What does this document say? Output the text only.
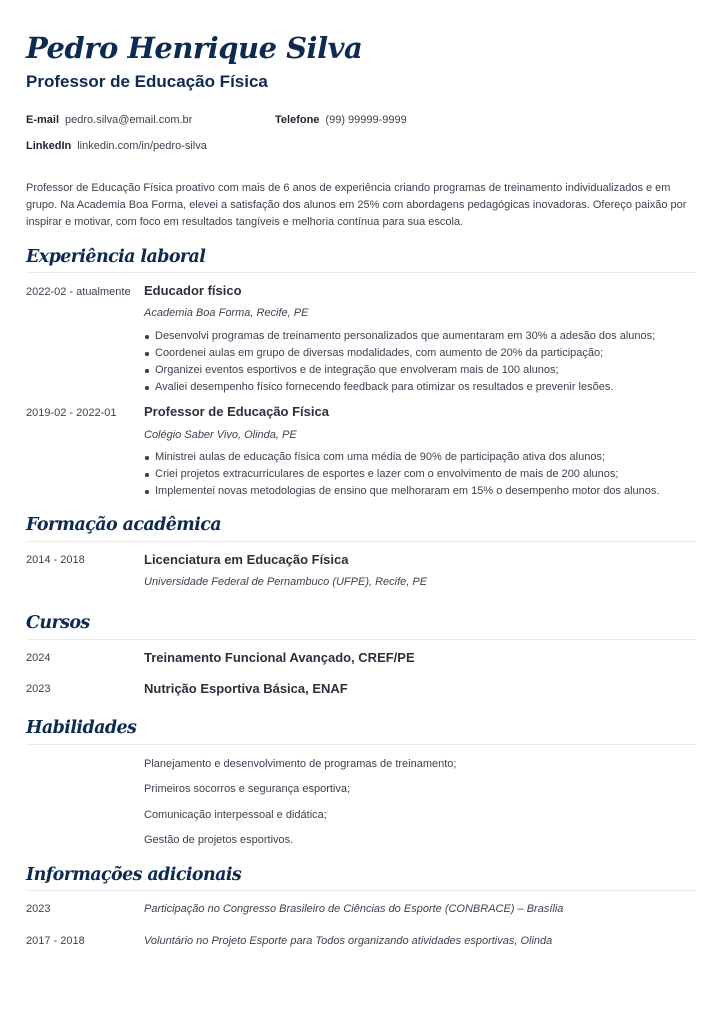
Pedro Henrique Silva
Professor de Educação Física
E-mail pedro.silva@email.com.br	Telefone (99) 99999-9999
LinkedIn linkedin.com/in/pedro-silva
Professor de Educação Física proativo com mais de 6 anos de experiência criando programas de treinamento individualizados e em grupo. Na Academia Boa Forma, elevei a satisfação dos alunos em 25% com abordagens pedagógicas inovadoras. Ofereço paixão por inspirar e motivar, com foco em resultados tangíveis e melhoria contínua para sua escola.
Experiência laboral
2022-02 - atualmente Educador físico
Academia Boa Forma, Recife, PE
Desenvolvi programas de treinamento personalizados que aumentaram em 30% a adesão dos alunos;
Coordenei aulas em grupo de diversas modalidades, com aumento de 20% da participação;
Organizei eventos esportivos e de integração que envolveram mais de 100 alunos;
Avaliei desempenho físico fornecendo feedback para otimizar os resultados e prevenir lesões.
2019-02 - 2022-01 Professor de Educação Física
Colégio Saber Vivo, Olinda, PE
Ministrei aulas de educação física com uma média de 90% de participação ativa dos alunos;
Criei projetos extracurriculares de esportes e lazer com o envolvimento de mais de 200 alunos;
Implementei novas metodologias de ensino que melhoraram em 15% o desempenho motor dos alunos.
Formação acadêmica
2014 - 2018	Licenciatura em Educação Física
Universidade Federal de Pernambuco (UFPE), Recife, PE
Cursos
2024	Treinamento Funcional Avançado, CREF/PE
2023	Nutrição Esportiva Básica, ENAF
Habilidades
Planejamento e desenvolvimento de programas de treinamento;
Primeiros socorros e segurança esportiva;
Comunicação interpessoal e didática;
Gestão de projetos esportivos.
Informações adicionais
2023	Participação no Congresso Brasileiro de Ciências do Esporte (CONBRACE) – Brasília
2017 - 2018	Voluntário no Projeto Esporte para Todos organizando atividades esportivas, Olinda
